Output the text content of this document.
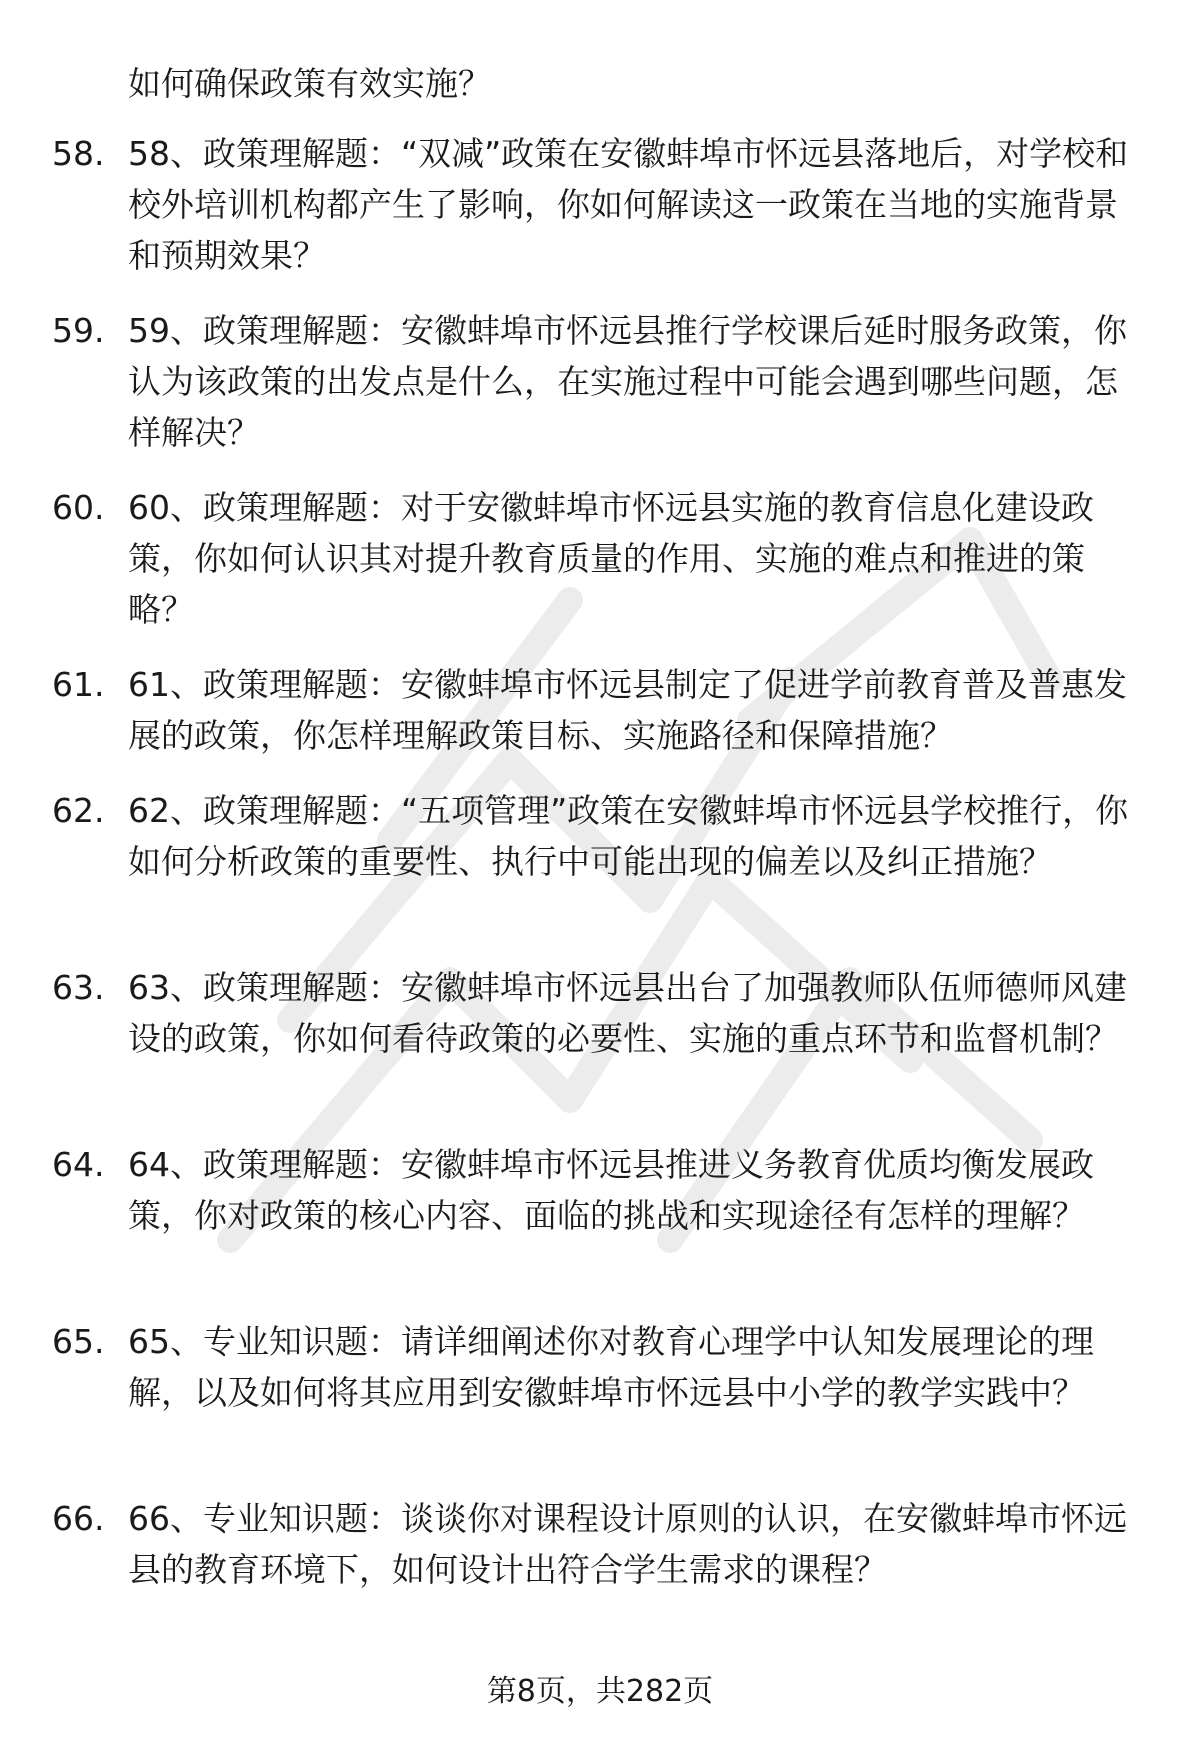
如何确保政策有效实施？
58. 58、政策理解题：“双减”政策在安徽蚌埠市怀远县落地后，对学校和校外培训机构都产生了影响，你如何解读这一政策在当地的实施背景和预期效果？
59. 59、政策理解题：安徽蚌埠市怀远县推行学校课后延时服务政策，你认为该政策的出发点是什么，在实施过程中可能会遇到哪些问题，怎样解决？
60. 60、政策理解题：对于安徽蚌埠市怀远县实施的教育信息化建设政策，你如何认识其对提升教育质量的作用、实施的难点和推进的策略？
61. 61、政策理解题：安徽蚌埠市怀远县制定了促进学前教育普及普惠发展的政策，你怎样理解政策目标、实施路径和保障措施？
62. 62、政策理解题：“五项管理”政策在安徽蚌埠市怀远县学校推行，你如何分析政策的重要性、执行中可能出现的偏差以及纠正措施？
63. 63、政策理解题：安徽蚌埠市怀远县出台了加强教师队伍师德师风建设的政策，你如何看待政策的必要性、实施的重点环节和监督机制？
64. 64、政策理解题：安徽蚌埠市怀远县推进义务教育优质均衡发展政策，你对政策的核心内容、面临的挑战和实现途径有怎样的理解？
65. 65、专业知识题：请详细阐述你对教育心理学中认知发展理论的理解，以及如何将其应用到安徽蚌埠市怀远县中小学的教学实践中？
66. 66、专业知识题：谈谈你对课程设计原则的认识，在安徽蚌埠市怀远县的教育环境下，如何设计出符合学生需求的课程？
第8页，共282页
